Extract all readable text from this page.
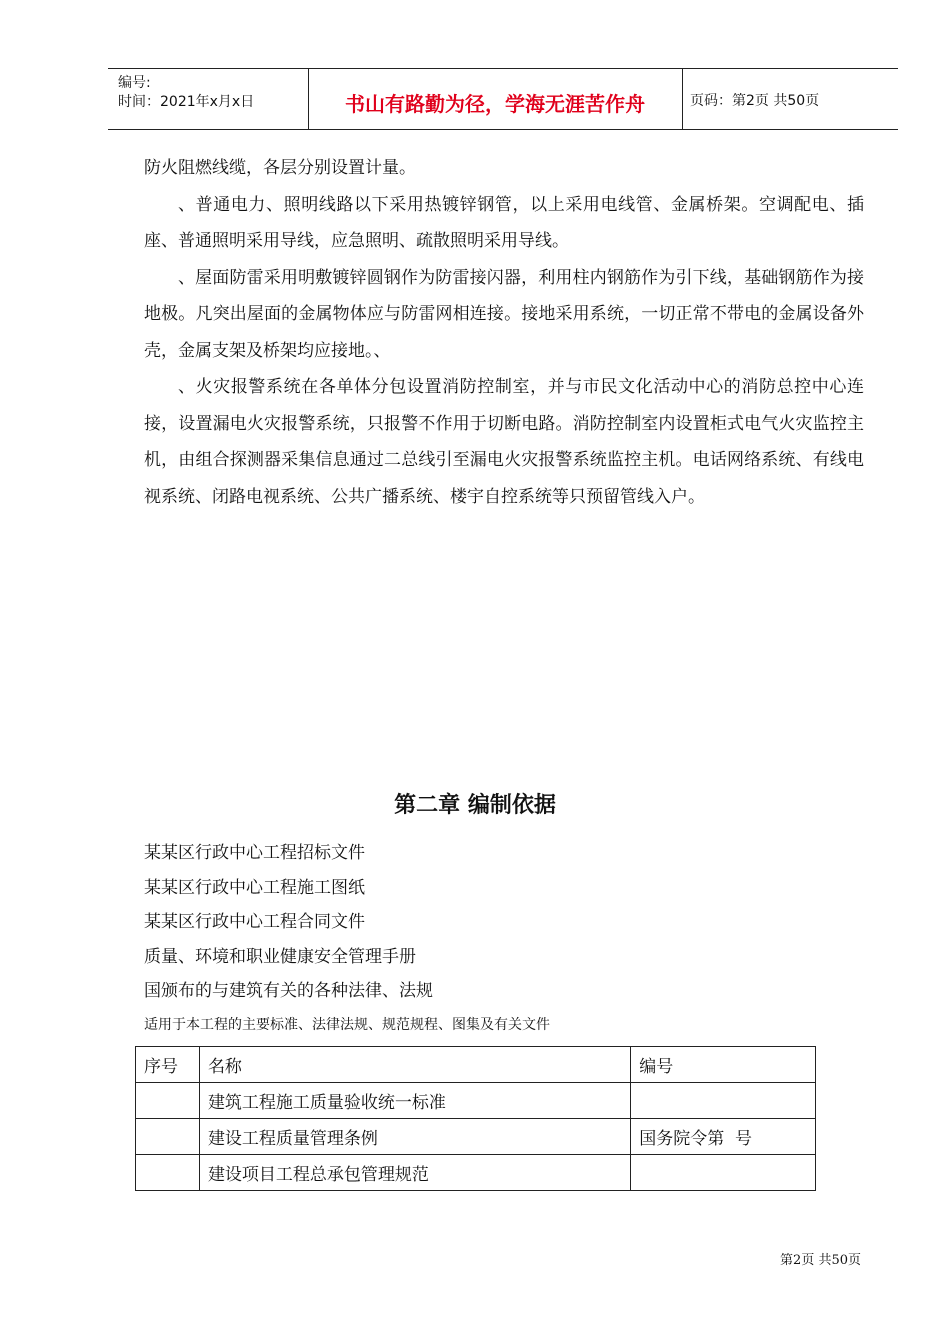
编号:
时间：2021年x月x日	书山有路勤为径，学海无涯苦作舟	页码：第2页 共50页

防火阻燃线缆，各层分别设置计量。

、普通电力、照明线路以下采用热镀锌钢管，以上采用电线管、金属桥架。空调配电、插座、普通照明采用导线，应急照明、疏散照明采用导线。

、屋面防雷采用明敷镀锌圆钢作为防雷接闪器，利用柱内钢筋作为引下线，基础钢筋作为接地极。凡突出屋面的金属物体应与防雷网相连接。接地采用系统，一切正常不带电的金属设备外壳，金属支架及桥架均应接地。、

、火灾报警系统在各单体分包设置消防控制室，并与市民文化活动中心的消防总控中心连接，设置漏电火灾报警系统，只报警不作用于切断电路。消防控制室内设置柜式电气火灾监控主机，由组合探测器采集信息通过二总线引至漏电火灾报警系统监控主机。电话网络系统、有线电视系统、闭路电视系统、公共广播系统、楼宇自控系统等只预留管线入户。

第二章 编制依据
某某区行政中心工程招标文件
某某区行政中心工程施工图纸
某某区行政中心工程合同文件
质量、环境和职业健康安全管理手册
国颁布的与建筑有关的各种法律、法规
适用于本工程的主要标准、法律法规、规范规程、图集及有关文件
序号	名称	编号
	建筑工程施工质量验收统一标准	
	建设工程质量管理条例	国务院令第  号
	建设项目工程总承包管理规范	
第2页 共50页
